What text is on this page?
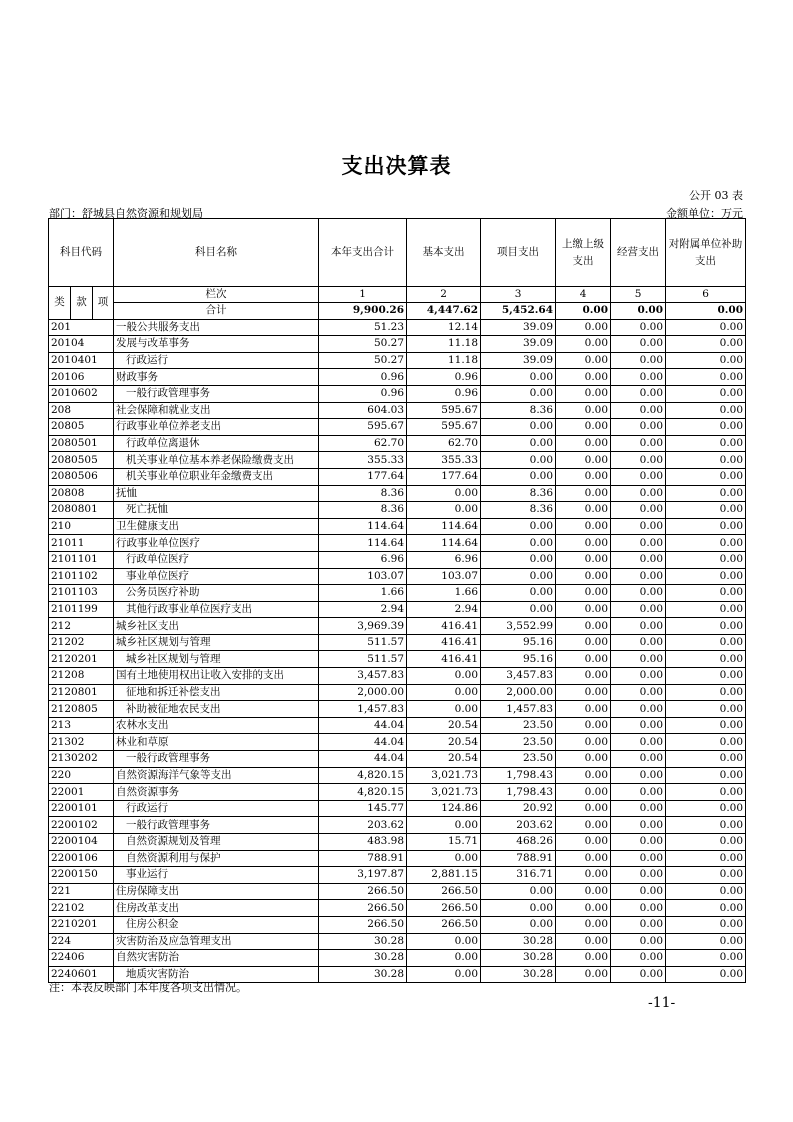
支出决算表
公开 03 表
部门：舒城县自然资源和规划局	金额单位：万元
科目代码			科目名称	本年支出合计	基本支出	项目支出	上缴上级支出	经营支出	对附属单位补助支出
类	款	项	栏次	1	2	3	4	5	6
			合计	9,900.26	4,447.62	5,452.64	0.00	0.00	0.00
201			一般公共服务支出	51.23	12.14	39.09	0.00	0.00	0.00
20104			发展与改革事务	50.27	11.18	39.09	0.00	0.00	0.00
2010401			行政运行	50.27	11.18	39.09	0.00	0.00	0.00
20106			财政事务	0.96	0.96	0.00	0.00	0.00	0.00
2010602			一般行政管理事务	0.96	0.96	0.00	0.00	0.00	0.00
208			社会保障和就业支出	604.03	595.67	8.36	0.00	0.00	0.00
20805			行政事业单位养老支出	595.67	595.67	0.00	0.00	0.00	0.00
2080501			行政单位离退休	62.70	62.70	0.00	0.00	0.00	0.00
2080505			机关事业单位基本养老保险缴费支出	355.33	355.33	0.00	0.00	0.00	0.00
2080506			机关事业单位职业年金缴费支出	177.64	177.64	0.00	0.00	0.00	0.00
20808			抚恤	8.36	0.00	8.36	0.00	0.00	0.00
2080801			死亡抚恤	8.36	0.00	8.36	0.00	0.00	0.00
210			卫生健康支出	114.64	114.64	0.00	0.00	0.00	0.00
21011			行政事业单位医疗	114.64	114.64	0.00	0.00	0.00	0.00
2101101			行政单位医疗	6.96	6.96	0.00	0.00	0.00	0.00
2101102			事业单位医疗	103.07	103.07	0.00	0.00	0.00	0.00
2101103			公务员医疗补助	1.66	1.66	0.00	0.00	0.00	0.00
2101199			其他行政事业单位医疗支出	2.94	2.94	0.00	0.00	0.00	0.00
212			城乡社区支出	3,969.39	416.41	3,552.99	0.00	0.00	0.00
21202			城乡社区规划与管理	511.57	416.41	95.16	0.00	0.00	0.00
2120201			城乡社区规划与管理	511.57	416.41	95.16	0.00	0.00	0.00
21208			国有土地使用权出让收入安排的支出	3,457.83	0.00	3,457.83	0.00	0.00	0.00
2120801			征地和拆迁补偿支出	2,000.00	0.00	2,000.00	0.00	0.00	0.00
2120805			补助被征地农民支出	1,457.83	0.00	1,457.83	0.00	0.00	0.00
213			农林水支出	44.04	20.54	23.50	0.00	0.00	0.00
21302			林业和草原	44.04	20.54	23.50	0.00	0.00	0.00
2130202			一般行政管理事务	44.04	20.54	23.50	0.00	0.00	0.00
220			自然资源海洋气象等支出	4,820.15	3,021.73	1,798.43	0.00	0.00	0.00
22001			自然资源事务	4,820.15	3,021.73	1,798.43	0.00	0.00	0.00
2200101			行政运行	145.77	124.86	20.92	0.00	0.00	0.00
2200102			一般行政管理事务	203.62	0.00	203.62	0.00	0.00	0.00
2200104			自然资源规划及管理	483.98	15.71	468.26	0.00	0.00	0.00
2200106			自然资源利用与保护	788.91	0.00	788.91	0.00	0.00	0.00
2200150			事业运行	3,197.87	2,881.15	316.71	0.00	0.00	0.00
221			住房保障支出	266.50	266.50	0.00	0.00	0.00	0.00
22102			住房改革支出	266.50	266.50	0.00	0.00	0.00	0.00
2210201			住房公积金	266.50	266.50	0.00	0.00	0.00	0.00
224			灾害防治及应急管理支出	30.28	0.00	30.28	0.00	0.00	0.00
22406			自然灾害防治	30.28	0.00	30.28	0.00	0.00	0.00
2240601			地质灾害防治	30.28	0.00	30.28	0.00	0.00	0.00
注：本表反映部门本年度各项支出情况。
-11-
